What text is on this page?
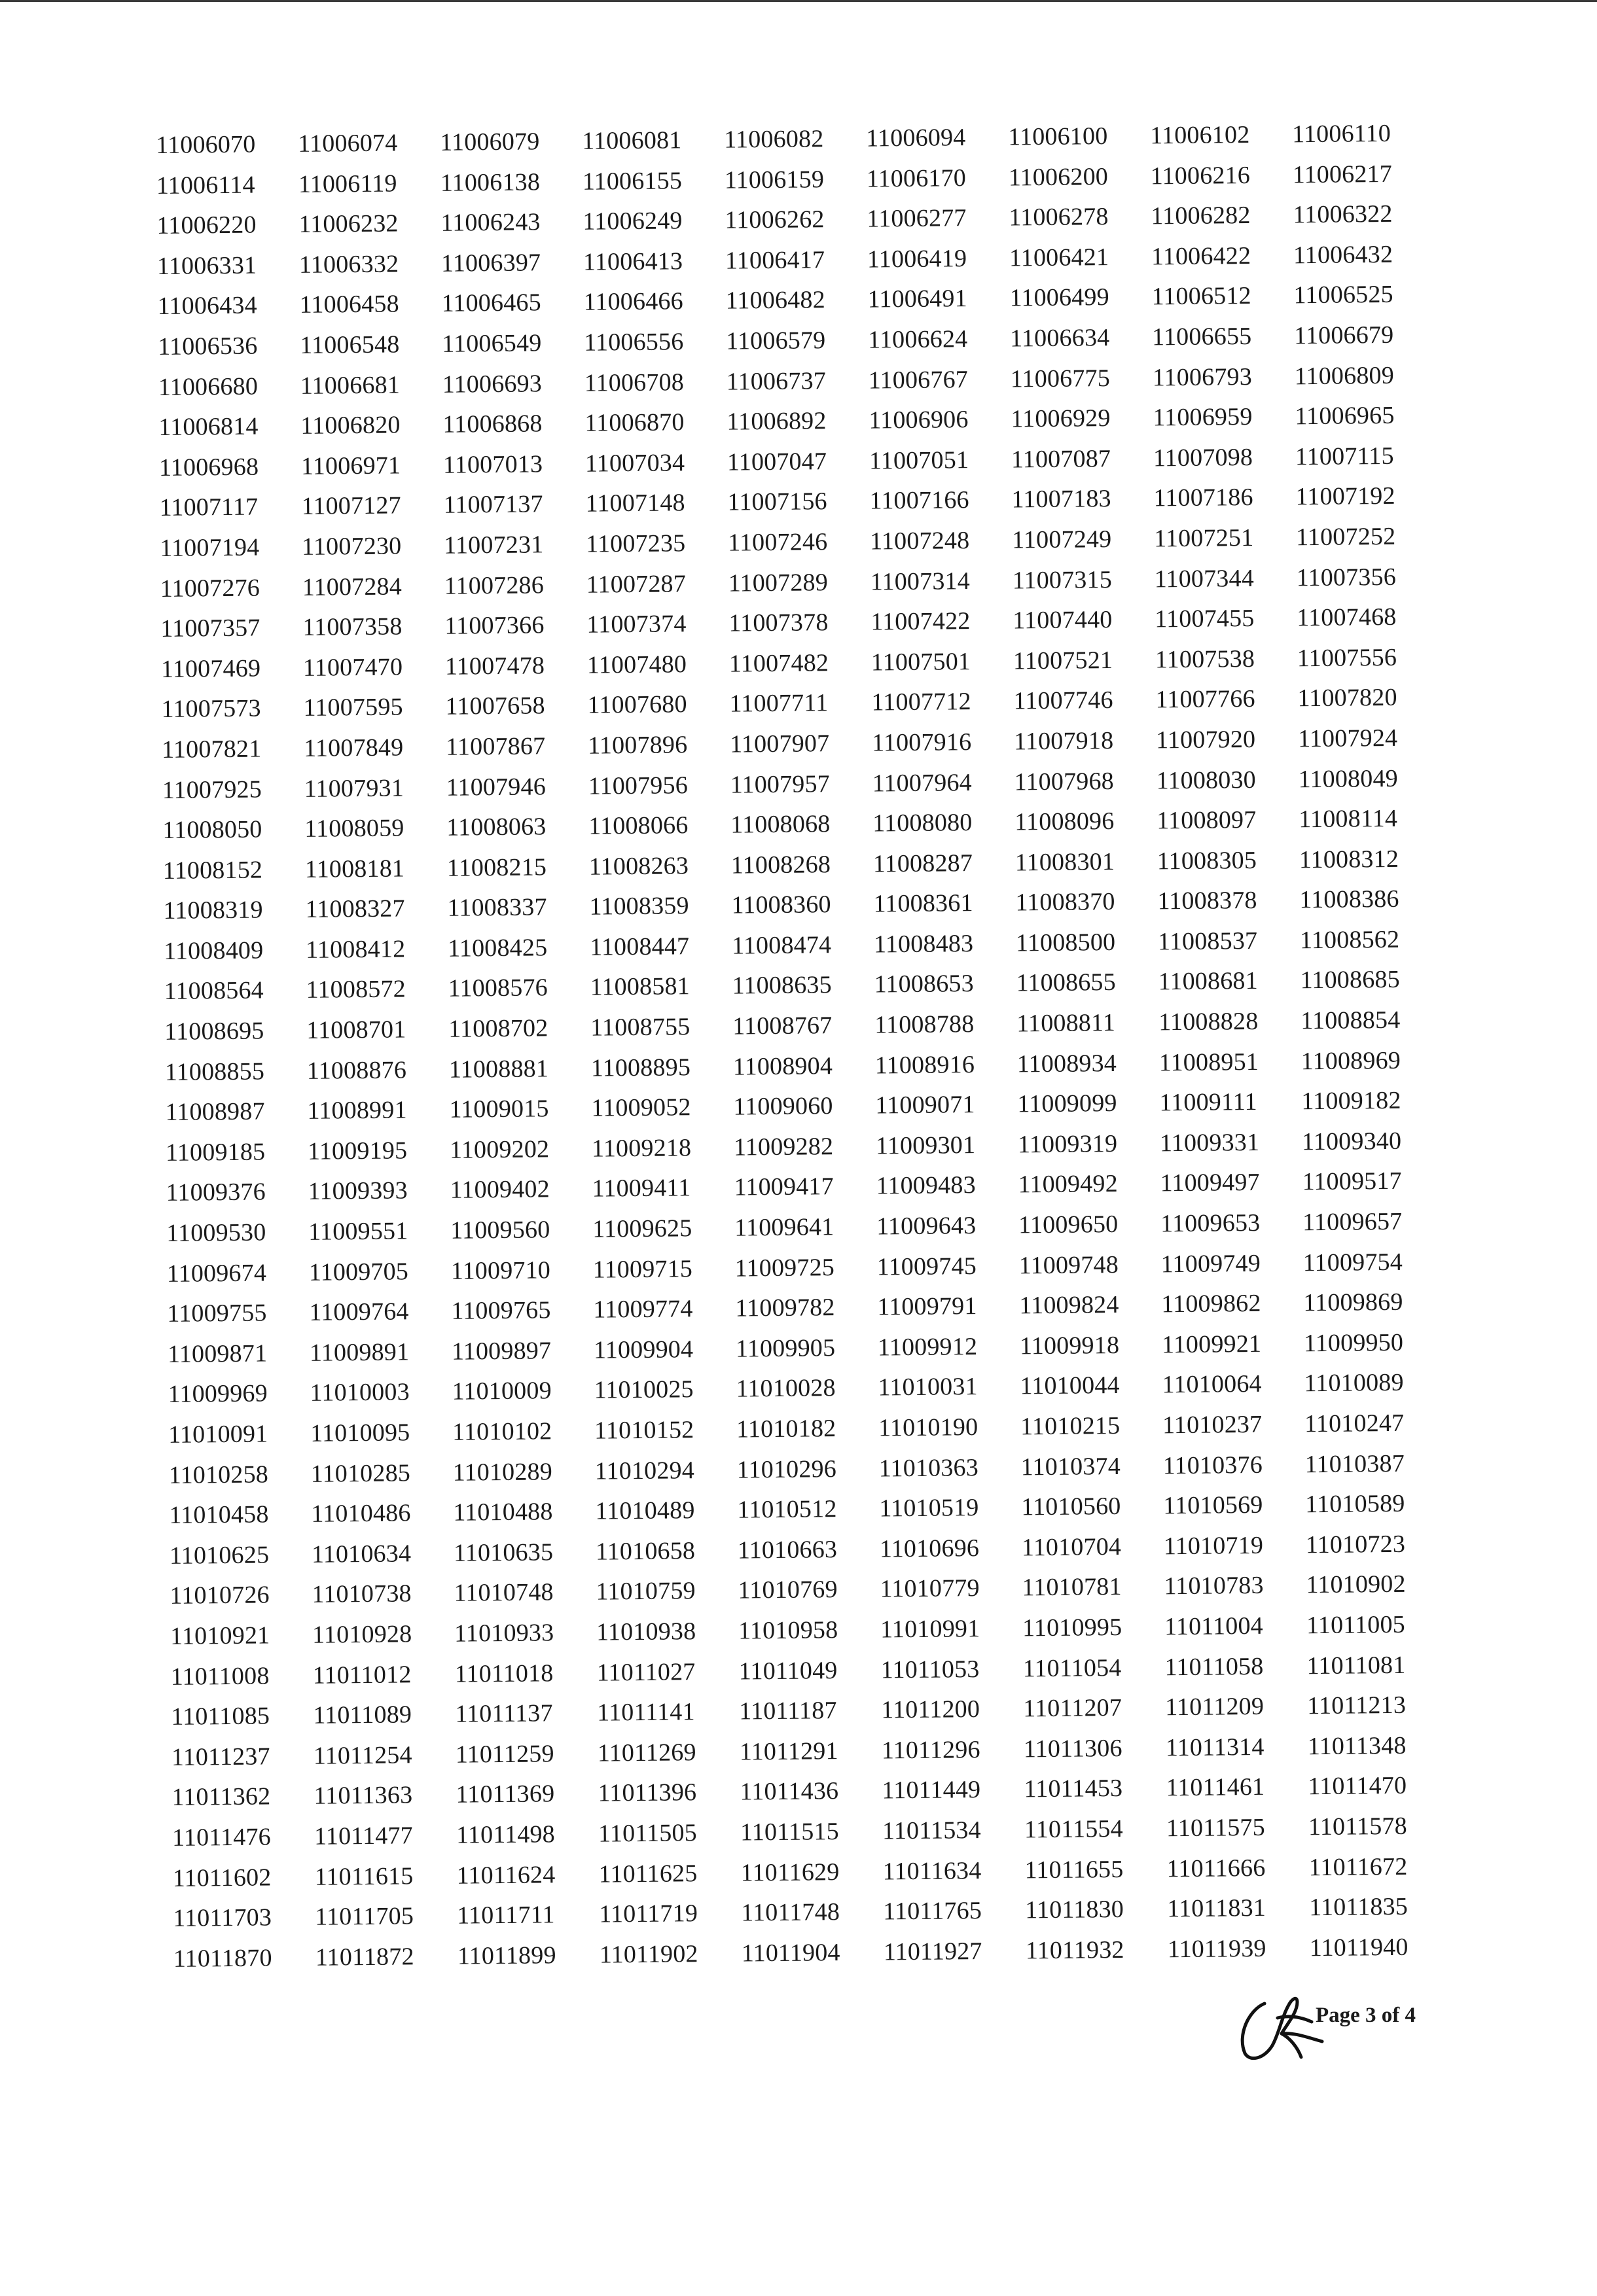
11006070	11006074	11006079	11006081	11006082	11006094	11006100	11006102	11006110
11006114	11006119	11006138	11006155	11006159	11006170	11006200	11006216	11006217
11006220	11006232	11006243	11006249	11006262	11006277	11006278	11006282	11006322
11006331	11006332	11006397	11006413	11006417	11006419	11006421	11006422	11006432
11006434	11006458	11006465	11006466	11006482	11006491	11006499	11006512	11006525
11006536	11006548	11006549	11006556	11006579	11006624	11006634	11006655	11006679
11006680	11006681	11006693	11006708	11006737	11006767	11006775	11006793	11006809
11006814	11006820	11006868	11006870	11006892	11006906	11006929	11006959	11006965
11006968	11006971	11007013	11007034	11007047	11007051	11007087	11007098	11007115
11007117	11007127	11007137	11007148	11007156	11007166	11007183	11007186	11007192
11007194	11007230	11007231	11007235	11007246	11007248	11007249	11007251	11007252
11007276	11007284	11007286	11007287	11007289	11007314	11007315	11007344	11007356
11007357	11007358	11007366	11007374	11007378	11007422	11007440	11007455	11007468
11007469	11007470	11007478	11007480	11007482	11007501	11007521	11007538	11007556
11007573	11007595	11007658	11007680	11007711	11007712	11007746	11007766	11007820
11007821	11007849	11007867	11007896	11007907	11007916	11007918	11007920	11007924
11007925	11007931	11007946	11007956	11007957	11007964	11007968	11008030	11008049
11008050	11008059	11008063	11008066	11008068	11008080	11008096	11008097	11008114
11008152	11008181	11008215	11008263	11008268	11008287	11008301	11008305	11008312
11008319	11008327	11008337	11008359	11008360	11008361	11008370	11008378	11008386
11008409	11008412	11008425	11008447	11008474	11008483	11008500	11008537	11008562
11008564	11008572	11008576	11008581	11008635	11008653	11008655	11008681	11008685
11008695	11008701	11008702	11008755	11008767	11008788	11008811	11008828	11008854
11008855	11008876	11008881	11008895	11008904	11008916	11008934	11008951	11008969
11008987	11008991	11009015	11009052	11009060	11009071	11009099	11009111	11009182
11009185	11009195	11009202	11009218	11009282	11009301	11009319	11009331	11009340
11009376	11009393	11009402	11009411	11009417	11009483	11009492	11009497	11009517
11009530	11009551	11009560	11009625	11009641	11009643	11009650	11009653	11009657
11009674	11009705	11009710	11009715	11009725	11009745	11009748	11009749	11009754
11009755	11009764	11009765	11009774	11009782	11009791	11009824	11009862	11009869
11009871	11009891	11009897	11009904	11009905	11009912	11009918	11009921	11009950
11009969	11010003	11010009	11010025	11010028	11010031	11010044	11010064	11010089
11010091	11010095	11010102	11010152	11010182	11010190	11010215	11010237	11010247
11010258	11010285	11010289	11010294	11010296	11010363	11010374	11010376	11010387
11010458	11010486	11010488	11010489	11010512	11010519	11010560	11010569	11010589
11010625	11010634	11010635	11010658	11010663	11010696	11010704	11010719	11010723
11010726	11010738	11010748	11010759	11010769	11010779	11010781	11010783	11010902
11010921	11010928	11010933	11010938	11010958	11010991	11010995	11011004	11011005
11011008	11011012	11011018	11011027	11011049	11011053	11011054	11011058	11011081
11011085	11011089	11011137	11011141	11011187	11011200	11011207	11011209	11011213
11011237	11011254	11011259	11011269	11011291	11011296	11011306	11011314	11011348
11011362	11011363	11011369	11011396	11011436	11011449	11011453	11011461	11011470
11011476	11011477	11011498	11011505	11011515	11011534	11011554	11011575	11011578
11011602	11011615	11011624	11011625	11011629	11011634	11011655	11011666	11011672
11011703	11011705	11011711	11011719	11011748	11011765	11011830	11011831	11011835
11011870	11011872	11011899	11011902	11011904	11011927	11011932	11011939	11011940
Page 3 of 4
